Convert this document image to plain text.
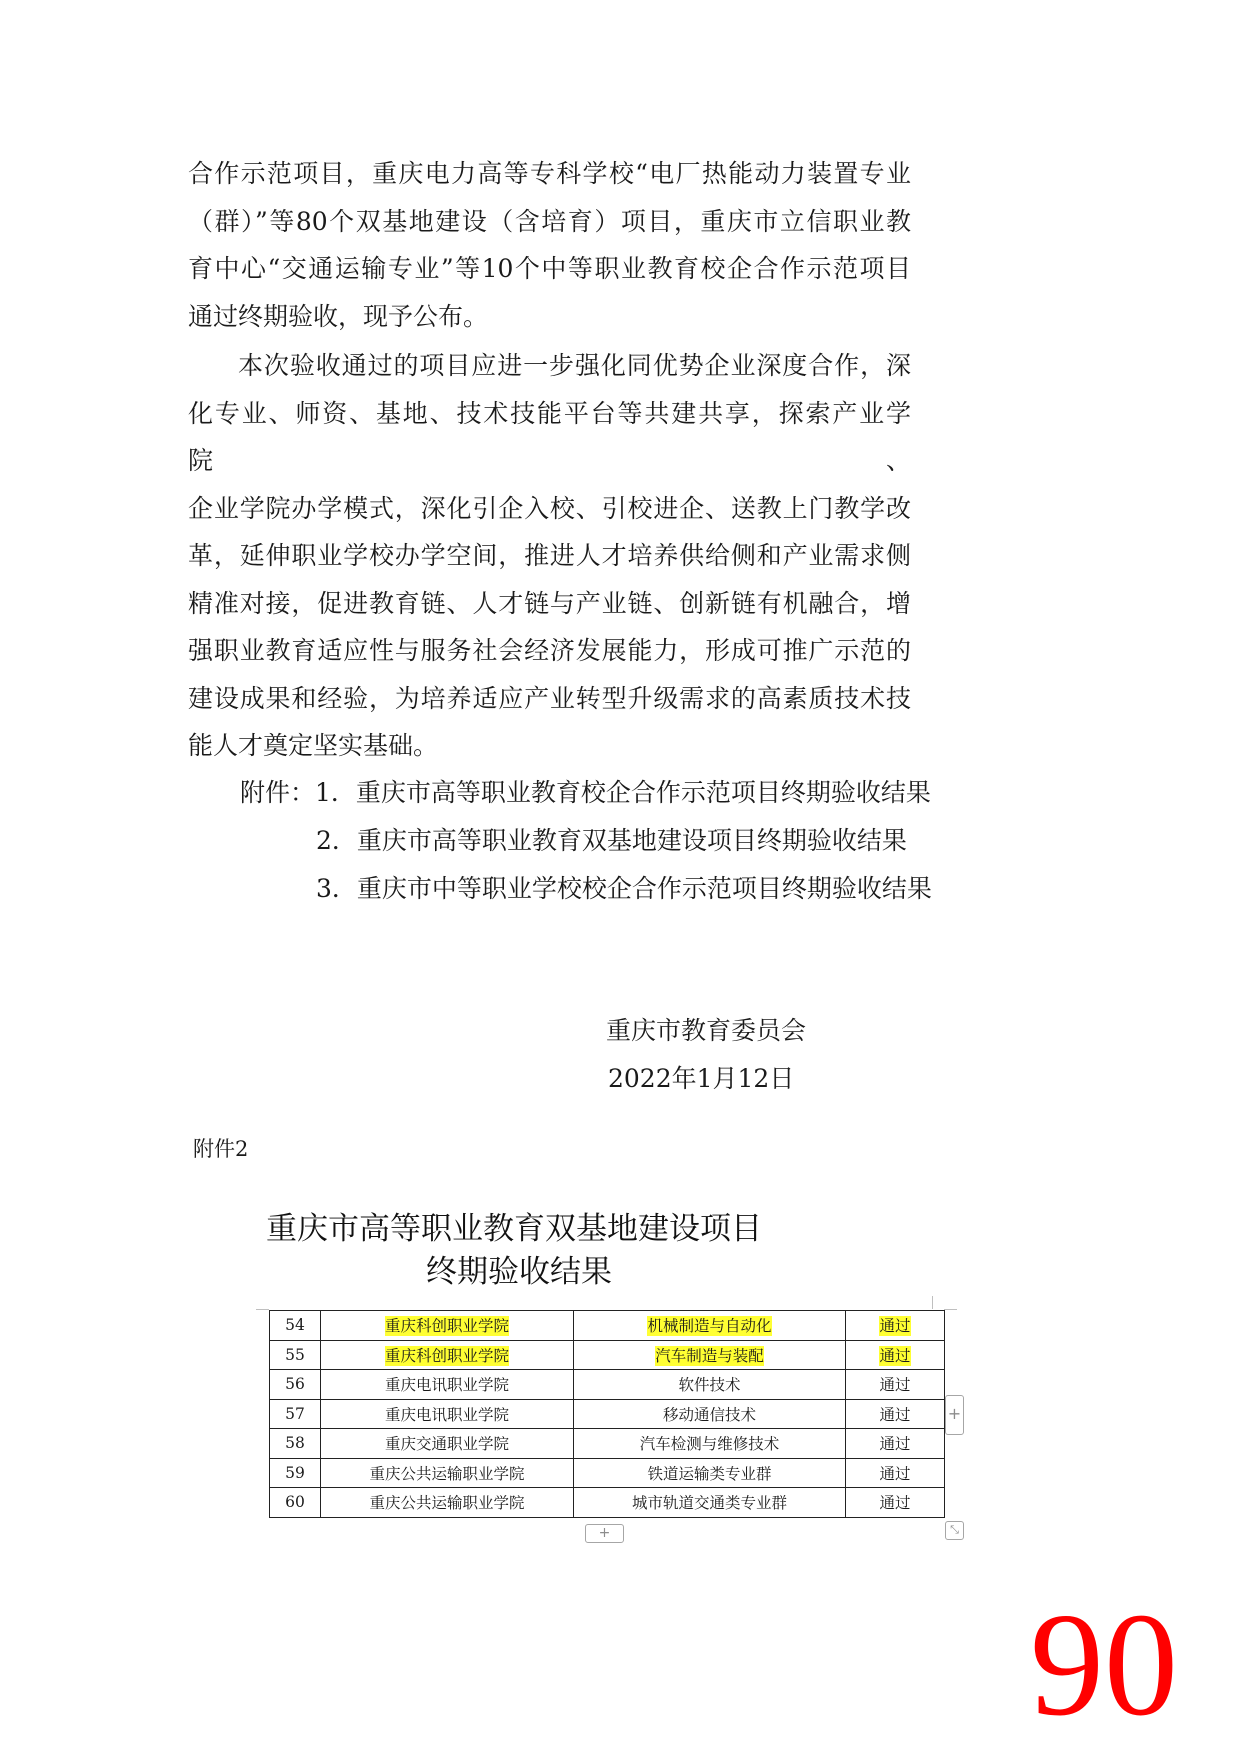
合作示范项目，重庆电力高等专科学校“电厂热能动力装置专业
（群）”等80个双基地建设（含培育）项目，重庆市立信职业教
育中心“交通运输专业”等10个中等职业教育校企合作示范项目
通过终期验收，现予公布。
本次验收通过的项目应进一步强化同优势企业深度合作，深
化专业、师资、基地、技术技能平台等共建共享，探索产业学院、
企业学院办学模式，深化引企入校、引校进企、送教上门教学改
革，延伸职业学校办学空间，推进人才培养供给侧和产业需求侧
精准对接，促进教育链、人才链与产业链、创新链有机融合，增
强职业教育适应性与服务社会经济发展能力，形成可推广示范的
建设成果和经验，为培养适应产业转型升级需求的高素质技术技
能人才奠定坚实基础。
附件：1．重庆市高等职业教育校企合作示范项目终期验收结果
2．重庆市高等职业教育双基地建设项目终期验收结果
3．重庆市中等职业学校校企合作示范项目终期验收结果
重庆市教育委员会
2022年1月12日
附件2
重庆市高等职业教育双基地建设项目
终期验收结果
54	重庆科创职业学院	机械制造与自动化	通过
55	重庆科创职业学院	汽车制造与装配	通过
56	重庆电讯职业学院	软件技术	通过
57	重庆电讯职业学院	移动通信技术	通过
58	重庆交通职业学院	汽车检测与维修技术	通过
59	重庆公共运输职业学院	铁道运输类专业群	通过
60	重庆公共运输职业学院	城市轨道交通类专业群	通过
+
+	⤡
90
